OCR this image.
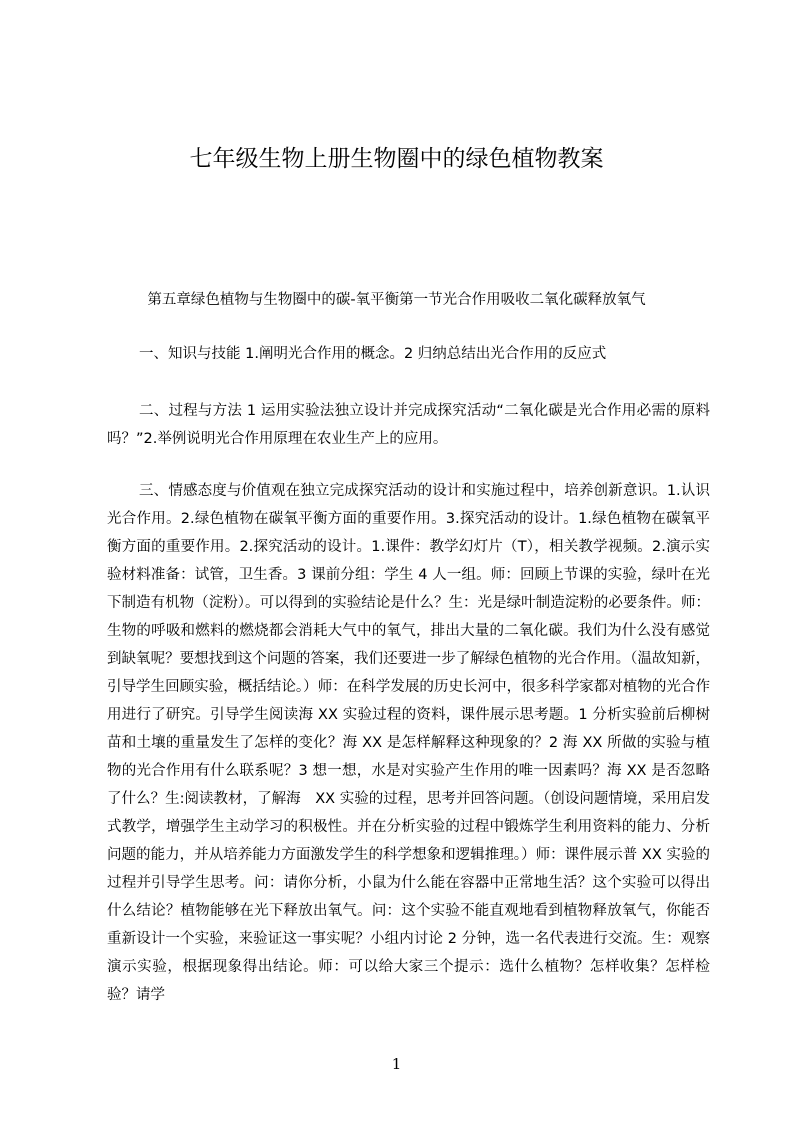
七年级生物上册生物圈中的绿色植物教案

第五章绿色植物与生物圈中的碳-氧平衡第一节光合作用吸收二氧化碳释放氧气

一、知识与技能 1.阐明光合作用的概念。2 归纳总结出光合作用的反应式

二、过程与方法 1 运用实验法独立设计并完成探究活动“二氧化碳是光合作用必需的原料吗？”2.举例说明光合作用原理在农业生产上的应用。

三、情感态度与价值观在独立完成探究活动的设计和实施过程中，培养创新意识。1.认识光合作用。2.绿色植物在碳氧平衡方面的重要作用。3.探究活动的设计。1.绿色植物在碳氧平衡方面的重要作用。2.探究活动的设计。1.课件：教学幻灯片（T），相关教学视频。2.演示实验材料准备：试管，卫生香。3 课前分组：学生 4 人一组。师：回顾上节课的实验，绿叶在光下制造有机物（淀粉）。可以得到的实验结论是什么？生：光是绿叶制造淀粉的必要条件。师：生物的呼吸和燃料的燃烧都会消耗大气中的氧气，排出大量的二氧化碳。我们为什么没有感觉到缺氧呢？要想找到这个问题的答案，我们还要进一步了解绿色植物的光合作用。（温故知新，引导学生回顾实验，概括结论。）师：在科学发展的历史长河中，很多科学家都对植物的光合作用进行了研究。引导学生阅读海 XX 实验过程的资料，课件展示思考题。1 分析实验前后柳树苗和土壤的重量发生了怎样的变化？海 XX 是怎样解释这种现象的？2 海 XX 所做的实验与植物的光合作用有什么联系呢？3 想一想，水是对实验产生作用的唯一因素吗？海 XX 是否忽略了什么？生:阅读教材，了解海　XX 实验的过程，思考并回答问题。（创设问题情境，采用启发式教学，增强学生主动学习的积极性。并在分析实验的过程中锻炼学生利用资料的能力、分析问题的能力，并从培养能力方面激发学生的科学想象和逻辑推理。）师：课件展示普 XX 实验的过程并引导学生思考。问：请你分析，小鼠为什么能在容器中正常地生活？这个实验可以得出什么结论？植物能够在光下释放出氧气。问：这个实验不能直观地看到植物释放氧气，你能否重新设计一个实验，来验证这一事实呢？小组内讨论 2 分钟，选一名代表进行交流。生：观察演示实验，根据现象得出结论。师：可以给大家三个提示：选什么植物？怎样收集？怎样检验？请学

1
